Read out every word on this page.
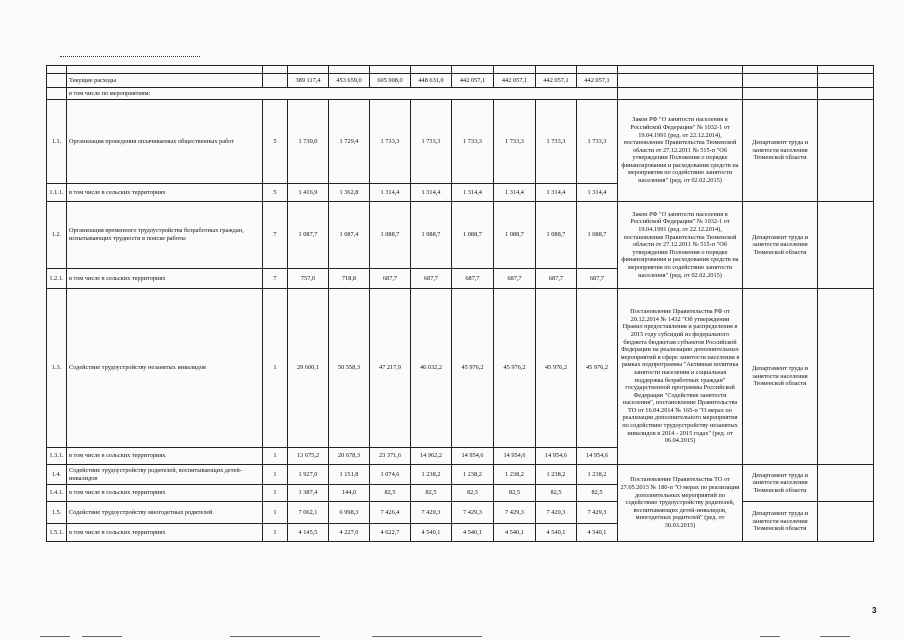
	Текущие расходы		389 117,4	453 659,0	605 908,0	448 631,0	442 057,1	442 057,1	442 057,1	442 057,1			
	в том числе по мероприятиям:												
1.1.	Организация проведения оплачиваемых общественных работ	5	1 730,0	1 729,4	1 733,3	1 733,3	1 733,3	1 733,3	1 733,3	1 733,3	Закон РФ "О занятости населения в Российской Федерации" № 1032-1 от 19.04.1991 (ред. от 22.12.2014), постановление Правительства Тюменской области от 27.12.2011 № 515-п "Об утверждении Положения о порядке финансирования и расходования средств на мероприятия по содействию занятости населения" (ред. от 02.02.2015)	Департамент труда и занятости населения Тюменской области	
1.1.1.	в том числе в сельских территориях	5	1 416,9	1 362,8	1 314,4	1 314,4	1 314,4	1 314,4	1 314,4	1 314,4			
1.2.	Организация временного трудоустройства безработных граждан, испытывающих трудности в поиске работы	7	1 087,7	1 087,4	1 088,7	1 088,7	1 088,7	1 088,7	1 088,7	1 088,7	Закон РФ "О занятости населения в Российской Федерации" № 1032-1 от 19.04.1991 (ред. от 22.12.2014), постановление Правительства Тюменской области от 27.12.2011 № 515-п "Об утверждении Положения о порядке финансирования и расходования средств на мероприятия по содействию занятости населения" (ред. от 02.02.2015)	Департамент труда и занятости населения Тюменской области	
1.2.1.	в том числе в сельских территориях	7	757,0	718,8	687,7	687,7	687,7	687,7	687,7	687,7			
1.3.	Содействие трудоустройству незанятых инвалидов	1	29 600,1	50 558,3	47 217,9	46 032,2	45 976,2	45 976,2	45 976,2	45 976,2	Постановление Правительства РФ от 20.12.2014 № 1432 "Об утверждении Правил предоставления и распределения в 2015 году субсидий из федерального бюджета бюджетам субъектов Российской Федерации на реализацию дополнительных мероприятий в сфере занятости населения в рамках подпрограммы "Активная политика занятости населения и социальная поддержка безработных граждан" государственной программы Российской Федерации "Содействие занятости населения", постановление Правительства ТО от 16.04.2014 № 165-п "О мерах по реализации дополнительного мероприятия по содействию трудоустройству незанятых инвалидов в 2014 - 2015 годах" (ред. от 06.04.2015)	Департамент труда и занятости населения Тюменской области	
1.3.1.	в том числе в сельских территориях	1	13 675,2	20 678,3	23 371,6	14 962,2	14 954,6	14 954,6	14 954,6	14 954,6			
1.4.	Содействие трудоустройству родителей, воспитывающих детей-инвалидов	1	1 927,0	1 151,8	1 074,6	1 238,2	1 238,2	1 238,2	1 238,2	1 238,2	Постановление Правительства ТО от 27.05.2013 № 180-п "О мерах по реализации дополнительных мероприятий по содействию трудоустройству родителей, воспитывающих детей-инвалидов, многодетных родителей" (ред. от 30.03.2015)	Департамент труда и занятости населения Тюменской области	
1.4.1.	в том числе в сельских территориях	1	1 387,4	144,0	82,5	82,5	82,5	82,5	82,5	82,5			
1.5.	Содействие трудоустройству многодетных родителей	1	7 062,1	6 998,3	7 426,4	7 429,3	7 429,3	7 429,3	7 429,3	7 429,3		Департамент труда и занятости населения Тюменской области	
1.5.1.	в том числе в сельских территориях	1	4 145,5	4 227,0	4 622,7	4 540,1	4 540,1	4 540,1	4 540,1	4 540,1			
3
